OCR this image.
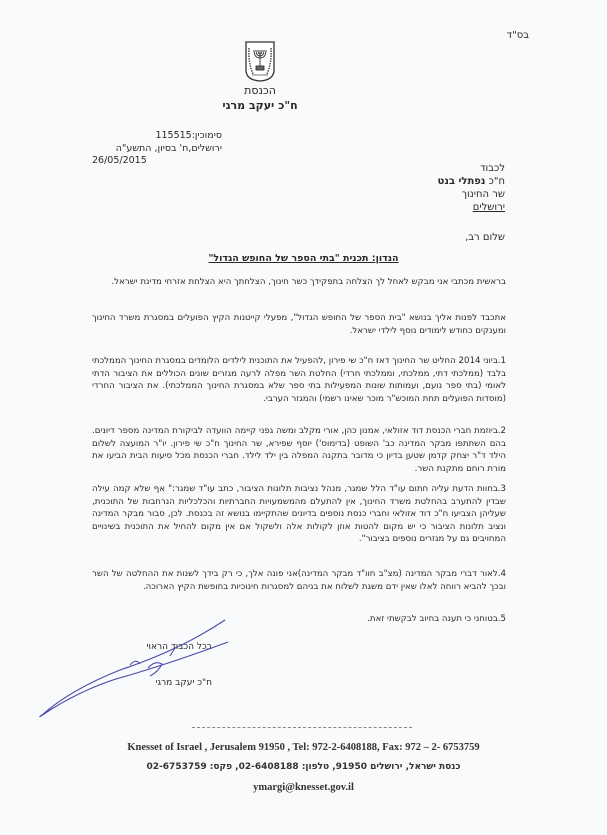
בס"ד
הכנסת
ח"כ יעקב מרגי
סימוכין:115515
ירושלים,ח' בסיון, התשע"ה
26/05/2015
לכבוד
ח"כ נפתלי בנט
שר החינוך
ירושלים
שלום רב,
הנדון: תכנית "בתי הספר של החופש הגדול"
בראשית מכתבי אני מבקש לאחל לך הצלחה בתפקידך כשר חינוך, הצלחתך היא הצלחת אזרחי מדינת ישראל.
אתכבד לפנות אליך בנושא "בית הספר של החופש הגדול", מפעלי קייטנות הקיץ הפועלים במסגרת משרד החינוך ומענקים כחודש לימודים נוסף לילדי ישראל.
1.ביוני 2014 החליט שר החינוך דאז ח"כ שי פירון ,להפעיל את התוכנית לילדים הלומדים במסגרת החינוך הממלכתי בלבד (ממלכתי דתי, ממלכתי, וממלכתי חרדי) החלטת השר מפלה לרעה מגזרים שונים הכוללים את הציבור הדתי לאומי (בתי ספר נועם, ועמותות שונות המפעילות בתי ספר שלא במסגרת החינוך הממלכתי). את הציבור החרדי (מוסדות הפועלים תחת המוכש"ר מוכר שאינו רשמי) והמגזר הערבי.
2.ביוזמת חברי הכנסת דוד אזולאי, אמנון כהן, אורי מקלב ומשה גפני קיימה הוועדה לביקורת המדינה מספר דיונים. בהם השתתפו מבקר המדינה כב' השופט (בדימוס') יוסף שפירא, שר החינוך ח"כ שי פירון. יו"ר המועצה לשלום הילד ד"ר יצחק קדמן שטען בדיון כי מדובר בתקנה המפלה בין ילד לילד. חברי הכנסת מכל סיעות הבית הביעו את מורת רוחם מתקנת השר.
3.בחוות הדעת עליה חתום עו"ד הלל שמגר, מנהל נציבות תלונות הציבור, כתב עו"ד שמגר:" אף שלא קמה עילה שבדין להתערב בהחלטת משרד החינוך, אין להתעלם מהמשמעויות החברתיות והכלכליות הנרחבות של התוכנית, שעליהן הצביעו ח"כ דוד אזולאי וחברי כנסת נוספים בדיונים שהתקיימו בנושא זה בכנסת. לכן, סבור מבקר המדינה ונציב תלונות הציבור כי יש מקום להטות אוזן לקולות אלה ולשקול אם אין מקום להחיל את התוכנית בשינויים המחויבים גם על מגזרים נוספים בציבור".
4.לאור דברי מבקר המדינה (מצ"ב חוו"ד מבקר המדינה)אני פונה אלך, כי רק בידך לשנות את ההחלטה של השר ובכך להביא רווחה לאלו שאין ידם משגת לשלוח את בניהם למסגרות חינוכיות בחופשת הקיץ הארוכה.
5.בטוחני כי תענה בחיוב לבקשתי זאת.
בכל הכבוד הראוי
ח"כ יעקב מרגי
Knesset of Israel , Jerusalem 91950 , Tel: 972-2-6408188, Fax: 972 – 2- 6753759
כנסת ישראל, ירושלים 91950, טלפון: 02-6408188, פקס: 02-6753759
ymargi@knesset.gov.il
